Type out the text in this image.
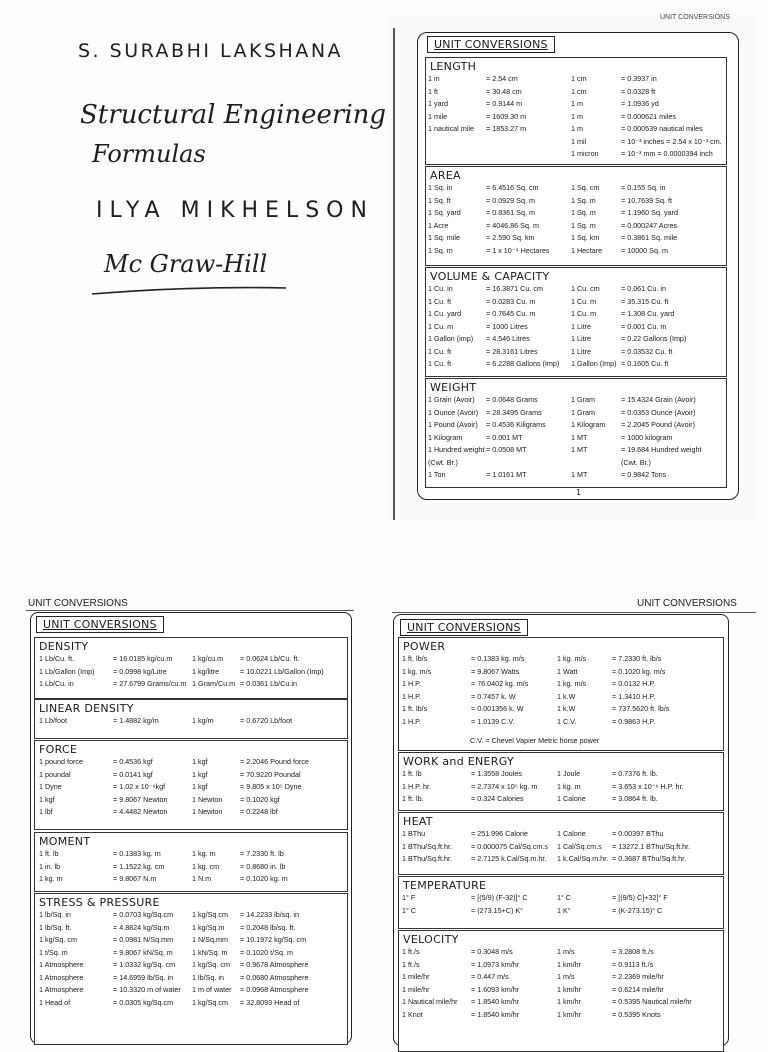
S. SURABHI LAKSHANA
Structural Engineering
Formulas
ILYA MIKHELSON
Mc Graw-Hill
UNIT CONVERSIONS
UNIT CONVERSIONS
LENGTH
1 in	= 2.54 cm	1 cm	= 0.3937 in
1 ft	= 30.48 cm	1 cm	= 0.0328 ft
1 yard	= 0.9144 m	1 m	= 1.0936 yd
1 mile	= 1609.30 m	1 m	= 0.000621 miles
1 nautical mile = 1853.27 m	1 m	= 0.000539 nautical miles
1 mil	= 10⁻³ inches = 2.54 x 10⁻³ cm.
1 micron	= 10⁻³ mm = 0.0000394 inch
AREA
1 Sq. in	= 6.4516 Sq. cm	1 Sq. cm	= 0.155 Sq. in
1 Sq. ft	= 0.0929 Sq. m	1 Sq. m	= 10.7639 Sq. ft
1 Sq. yard	= 0.8361 Sq. m	1 Sq. m	= 1.1960 Sq. yard
1 Acre	= 4046.86 Sq. m	1 Sq. m	= 0.000247 Acres
1 Sq. mile	= 2.590 Sq. km	1 Sq. km	= 0.3861 Sq. mile
1 Sq. m	= 1 x 10⁻⁴ Hectares	1 Hectare	= 10000 Sq. m
VOLUME & CAPACITY
1 Cu. in	= 16.3871 Cu. cm	1 Cu. cm	= 0.061 Cu. in
1 Cu. ft	= 0.0283 Cu. m	1 Cu. m	= 35.315 Cu. ft
1 Cu. yard	= 0.7645 Cu. m	1 Cu. m	= 1.308 Cu. yard
1 Cu. m	= 1000 Litres	1 Litre	= 0.001 Cu. m
1 Gallon (imp) = 4.546 Litres	1 Litre	= 0.22 Gallons (Imp)
1 Cu. ft	= 28.3161 Litres	1 Litre	= 0.03532 Cu. ft
1 Cu. ft	= 6.2288 Gallons (Imp) 1 Gallon (Imp) = 0.1605 Cu. ft
WEIGHT
1 Grain (Avoir) = 0.0648 Grams	1 Gram	= 15.4324 Grain (Avoir)
1 Ounce (Avoir) = 28.3495 Grams	1 Gram	= 0.0353 Ounce (Avoir)
1 Pound (Avoir) = 0.4536 Kiligrams	1 Kilogram = 2.2045 Pound (Avoir)
1 Kilogram	= 0.001 MT	1 MT	= 1000 kilogram
1 Hundred weight = 0.0508 MT	1 MT	= 19.684 Hundred weight
(Cwt. Br.)	(Cwt. Br.)
1 Ton	= 1.0161 MT	1 MT	= 0.9842 Tons
1
UNIT CONVERSIONS
UNIT CONVERSIONS
DENSITY
1 Lb/Cu. ft.	= 16.0185 kg/cu.m	1 kg/cu.m = 0.0624 Lb/Cu. ft.
1 Lb/Gallon (Imp)	= 0.0998 kg/Litre	1 kg/litre	= 10.0221 Lb/Gallon (Imp)
1 Lb/Cu. in	= 27.6799 Grams/cu.m 1 Gram/Cu.m = 0.0361 Lb/Cu.in
LINEAR DENSITY
1 Lb/foot	= 1.4882 kg/m	1 kg/m	= 0.6720 Lb/foot
FORCE
1 pound force	= 0.4536 kgf	1 kgf	= 2.2046 Pound force
1 poundal	= 0.0141 kgf	1 kgf	= 70.9220 Poundal
1 Dyne	= 1.02 x 10⁻⁶kgf	1 kgf	= 9.805 x 10⁵ Dyne
1 kgf	= 9.8067 Newton	1 Newton = 0.1020 kgf
1 lbf	= 4.4482 Newton	1 Newton = 0.2248 lbf
MOMENT
1 ft. lb	= 0.1383 kg. m	1 kg. m	= 7.2330 ft. lb
1 in. lb	= 1.1522 kg. cm	1 kg. cm	= 0.8680 in. lb
1 kg. m	= 9.8067 N.m	1 N.m	= 0.1020 kg. m
STRESS & PRESSURE
1 lb/Sq. in	= 0.0703 kg/Sq.cm	1 kg/Sq.cm = 14.2233 lb/sq. in
1 lb/Sq. ft.	= 4.8824 kg/Sq.m	1 kg/Sq.m = 0.2048 lb/sq. ft.
1 kg/Sq. cm	= 0.0981 N/Sq.mm	1 N/Sq.mm = 10.1972 kg/Sq. cm
1 t/Sq. m	= 9.8067 kN/Sq. m	1 kN/Sq. m = 0.1020 t/Sq. m
1 Atmosphere	= 1.0332 kg/Sq. cm 1 kg/Sq. cm = 0.9678 Atmosphere
1 Atmosphere	= 14.6959 lb/Sq. in	1 lb/Sq. in = 0.0680 Atmosphere
1 Atmosphere	= 10.3320 m of water 1 m of water = 0.0968 Atmosphere
1 Head of	= 0.0305 kg/Sq.cm	1 kg/Sq.cm = 32.8093 Head of
UNIT CONVERSIONS
UNIT CONVERSIONS
POWER
1 ft. lb/s	= 0.1383 kg. m/s	1 kg. m/s	= 7.2330 ft. lb/s
1 kg. m/s	= 9.8067 Watts	1 Watt	= 0.1020 kg. m/s
1 H.P.	= 76.0402 kg. m/s	1 kg. m/s	= 0.0132 H.P.
1 H.P.	= 0.7457 k. W	1 k.W	= 1.3410 H.P.
1 ft. lb/s	= 0.001356 k. W	1 k.W	= 737.5620 ft. lb/s
1 H.P.	= 1.0139 C.V.	1 C.V.	= 0.9863 H.P.
WORK and ENERGY
1 ft. lb	= 1.3558 Joules	1 Joule	= 0.7376 ft. lb.
1 H.P. hr.	= 2.7374 x 10⁵ kg. m	1 kg. m	= 3.653 x 10⁻⁶ H.P. hr.
1 ft. lb.	= 0.324 Calories	1 Calorie	= 3.0864 ft. lb.
HEAT
1 BThu	= 251.996 Calorie	1 Calorie	= 0.00397 BThu
1 BThu/Sq.ft.hr.	= 0.000075 Cal/Sq.cm.s 1 Cal/Sq.cm.s = 13272.1 BThu/Sq.ft.hr.
1 BThu/Sq.ft.hr.	= 2.7125 k.Cal/Sq.m.hr. 1 k.Cal/Sq.m.hr. = 0.3687 BThu/Sq.ft.hr.
TEMPERATURE
1° F	= [(5/9) (F-32)]° C	1° C	= [(9/5) C]+32]° F
1° C	= (273.15+C) K°	1 K°	= (K-273.15)° C
VELOCITY
1 ft./s	= 0.3048 m/s	1 m/s	= 3.2808 ft./s
1 ft./s	= 1.0973 km/hr	1 km/hr	= 0.9113 ft./s
1 mile/hr	= 0.447 m/s	1 m/s	= 2.2369 mile/hr
1 mile/hr	= 1.6093 km/hr	1 km/hr	= 0.6214 mile/hr
1 Nautical mile/hr = 1.8540 km/hr	1 km/hr	= 0.5395 Nautical mile/hr
1 Knot	= 1.8540 km/hr	1 km/hr	= 0.5395 Knots
C.V. = Chevel Vapier Metric horse power
